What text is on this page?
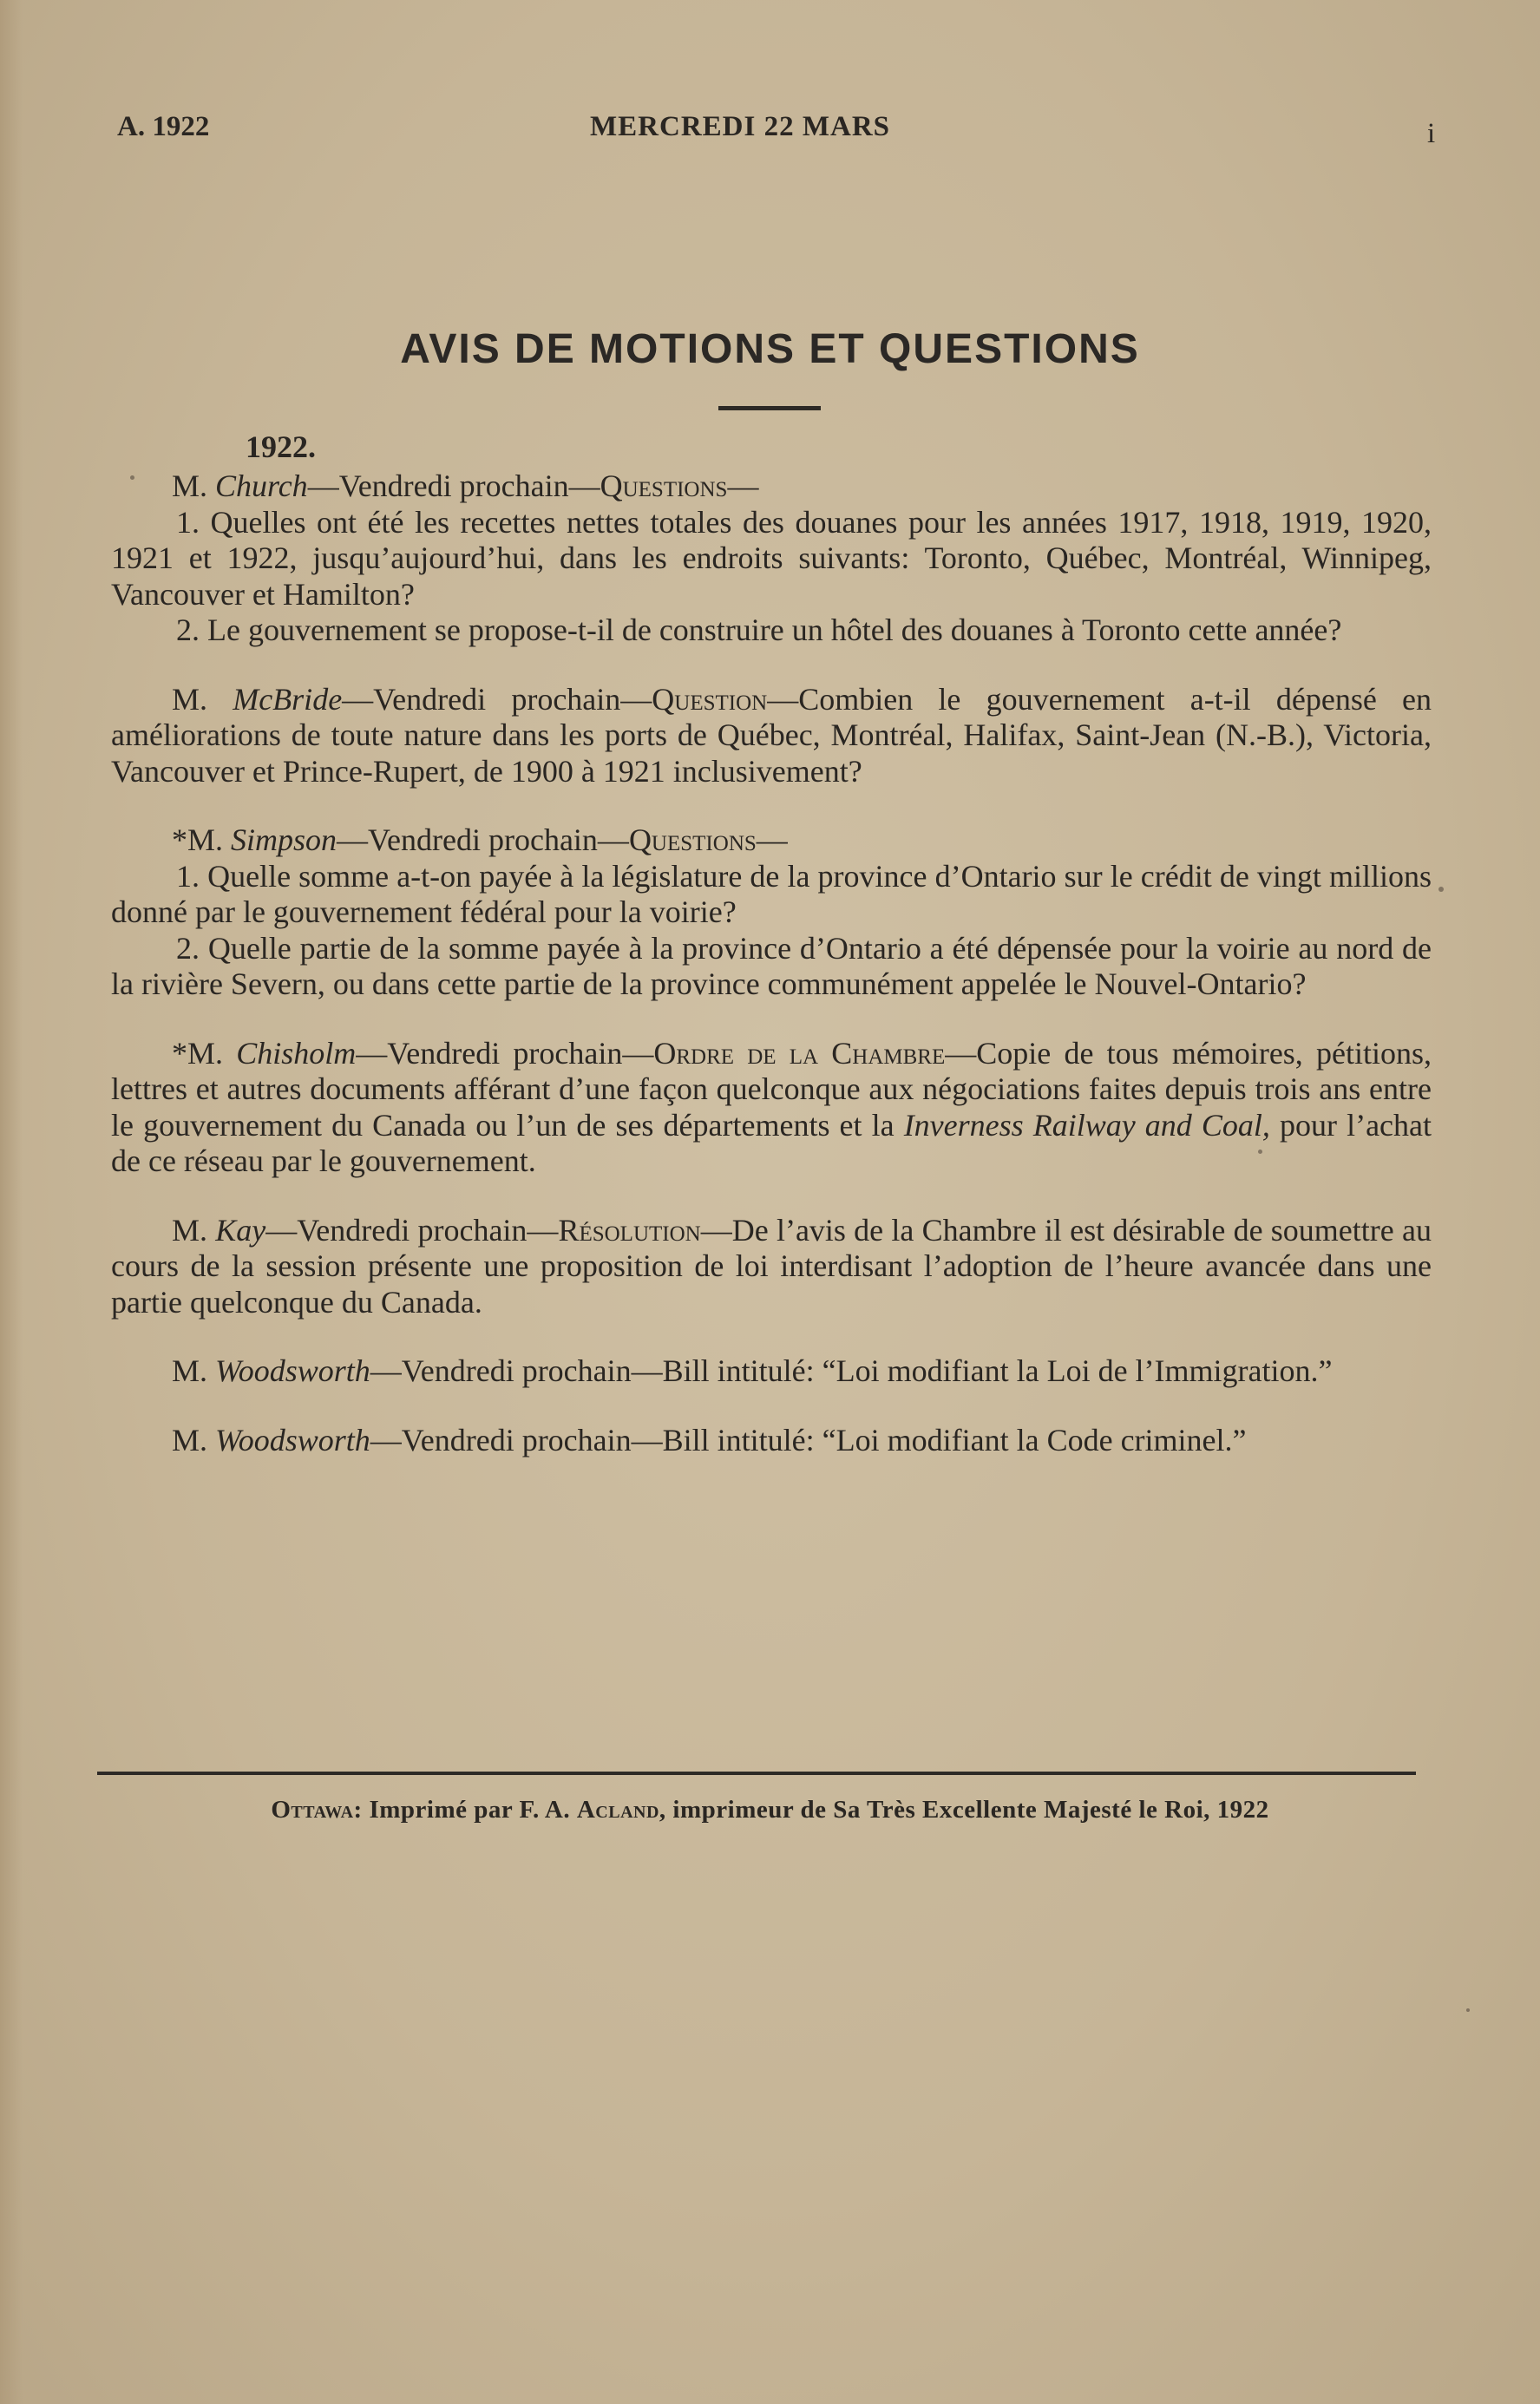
A. 1922	MERCREDI 22 MARS	i
AVIS DE MOTIONS ET QUESTIONS

1922.

M. Church—Vendredi prochain—Questions—

1. Quelles ont été les recettes nettes totales des douanes pour les années 1917, 1918, 1919, 1920, 1921 et 1922, jusqu’aujourd’hui, dans les endroits suivants: Toronto, Québec, Montréal, Winnipeg, Vancouver et Hamilton?

2. Le gouvernement se propose-t-il de construire un hôtel des douanes à Toronto cette année?

M. McBride—Vendredi prochain—Question—Combien le gouvernement a-t-il dépensé en améliorations de toute nature dans les ports de Québec, Montréal, Halifax, Saint-Jean (N.-B.), Victoria, Vancouver et Prince-Rupert, de 1900 à 1921 inclusivement?

*M. Simpson—Vendredi prochain—Questions—

1. Quelle somme a-t-on payée à la législature de la province d’Ontario sur le crédit de vingt millions donné par le gouvernement fédéral pour la voirie?

2. Quelle partie de la somme payée à la province d’Ontario a été dépensée pour la voirie au nord de la rivière Severn, ou dans cette partie de la province communément appelée le Nouvel-Ontario?

*M. Chisholm—Vendredi prochain—Ordre de la Chambre—Copie de tous mémoires, pétitions, lettres et autres documents afférant d’une façon quelconque aux négociations faites depuis trois ans entre le gouvernement du Canada ou l’un de ses départements et la Inverness Railway and Coal, pour l’achat de ce réseau par le gouvernement.

M. Kay—Vendredi prochain—Résolution—De l’avis de la Chambre il est désirable de soumettre au cours de la session présente une proposition de loi interdisant l’adoption de l’heure avancée dans une partie quelconque du Canada.

M. Woodsworth—Vendredi prochain—Bill intitulé: “Loi modifiant la Loi de l’Immigration.”

M. Woodsworth—Vendredi prochain—Bill intitulé: “Loi modifiant la Code criminel.”

Ottawa: Imprimé par F. A. Acland, imprimeur de Sa Très Excellente Majesté le Roi, 1922
